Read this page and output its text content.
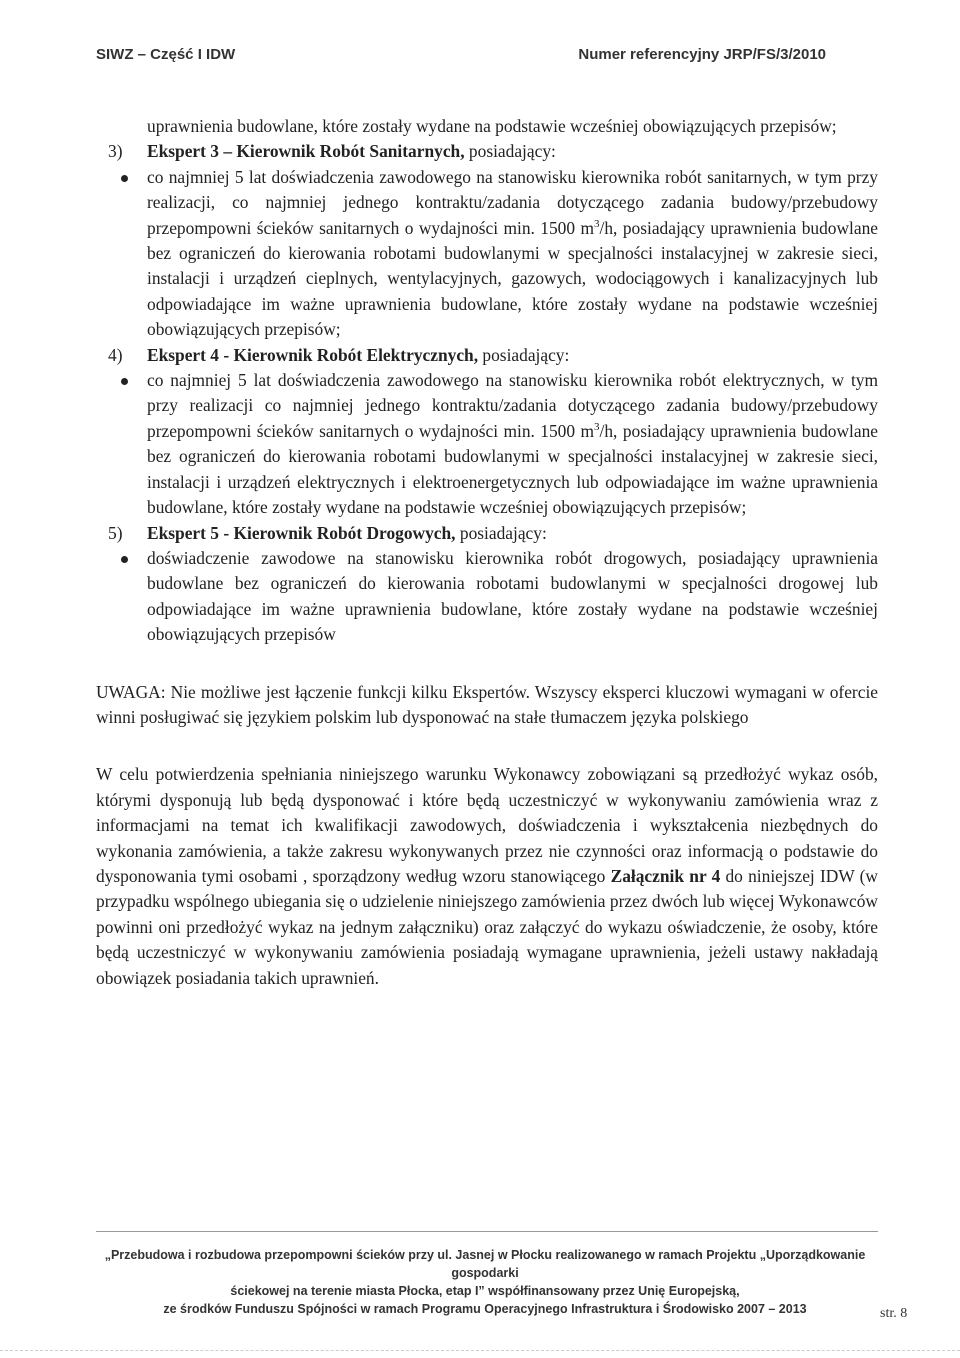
SIWZ – Część I IDW	Numer referencyjny JRP/FS/3/2010

uprawnienia budowlane, które zostały wydane na podstawie wcześniej obowiązujących przepisów;

3) Ekspert 3 – Kierownik Robót Sanitarnych, posiadający:

co najmniej 5 lat doświadczenia zawodowego na stanowisku kierownika robót sanitarnych, w tym przy realizacji, co najmniej jednego kontraktu/zadania dotyczącego zadania budowy/przebudowy przepompowni ścieków sanitarnych o wydajności min. 1500 $m^3/h$, posiadający uprawnienia budowlane bez ograniczeń do kierowania robotami budowlanymi w specjalności instalacyjnej w zakresie sieci, instalacji i urządzeń cieplnych, wentylacyjnych, gazowych, wodociągowych i kanalizacyjnych lub odpowiadające im ważne uprawnienia budowlane, które zostały wydane na podstawie wcześniej obowiązujących przepisów;

4) Ekspert 4 - Kierownik Robót Elektrycznych, posiadający:

co najmniej 5 lat doświadczenia zawodowego na stanowisku kierownika robót elektrycznych, w tym przy realizacji co najmniej jednego kontraktu/zadania dotyczącego zadania budowy/przebudowy przepompowni ścieków sanitarnych o wydajności min. 1500 $m^3/h$, posiadający uprawnienia budowlane bez ograniczeń do kierowania robotami budowlanymi w specjalności instalacyjnej w zakresie sieci, instalacji i urządzeń elektrycznych i elektroenergetycznych lub odpowiadające im ważne uprawnienia budowlane, które zostały wydane na podstawie wcześniej obowiązujących przepisów;

5) Ekspert 5 - Kierownik Robót Drogowych, posiadający:

doświadczenie zawodowe na stanowisku kierownika robót drogowych, posiadający uprawnienia budowlane bez ograniczeń do kierowania robotami budowlanymi w specjalności drogowej lub odpowiadające im ważne uprawnienia budowlane, które zostały wydane na podstawie wcześniej obowiązujących przepisów

UWAGA: Nie możliwe jest łączenie funkcji kilku Ekspertów. Wszyscy eksperci kluczowi wymagani w ofercie winni posługiwać się językiem polskim lub dysponować na stałe tłumaczem języka polskiego

W celu potwierdzenia spełniania niniejszego warunku Wykonawcy zobowiązani są przedłożyć wykaz osób, którymi dysponują lub będą dysponować i które będą uczestniczyć w wykonywaniu zamówienia wraz z informacjami na temat ich kwalifikacji zawodowych, doświadczenia i wykształcenia niezbędnych do wykonania zamówienia, a także zakresu wykonywanych przez nie czynności oraz informacją o podstawie do dysponowania tymi osobami , sporządzony według wzoru stanowiącego Załącznik nr 4 do niniejszej IDW (w przypadku wspólnego ubiegania się o udzielenie niniejszego zamówienia przez dwóch lub więcej Wykonawców powinni oni przedłożyć wykaz na jednym załączniku) oraz załączyć do wykazu oświadczenie, że osoby, które będą uczestniczyć w wykonywaniu zamówienia posiadają wymagane uprawnienia, jeżeli ustawy nakładają obowiązek posiadania takich uprawnień.

„Przebudowa i rozbudowa przepompowni ścieków przy ul. Jasnej w Płocku realizowanego w ramach Projektu „Uporządkowanie gospodarki

ściekowej na terenie miasta Płocka, etap I” współfinansowany przez Unię Europejską,

ze środków Funduszu Spójności w ramach Programu Operacyjnego Infrastruktura i Środowisko 2007 – 2013	str. 8
